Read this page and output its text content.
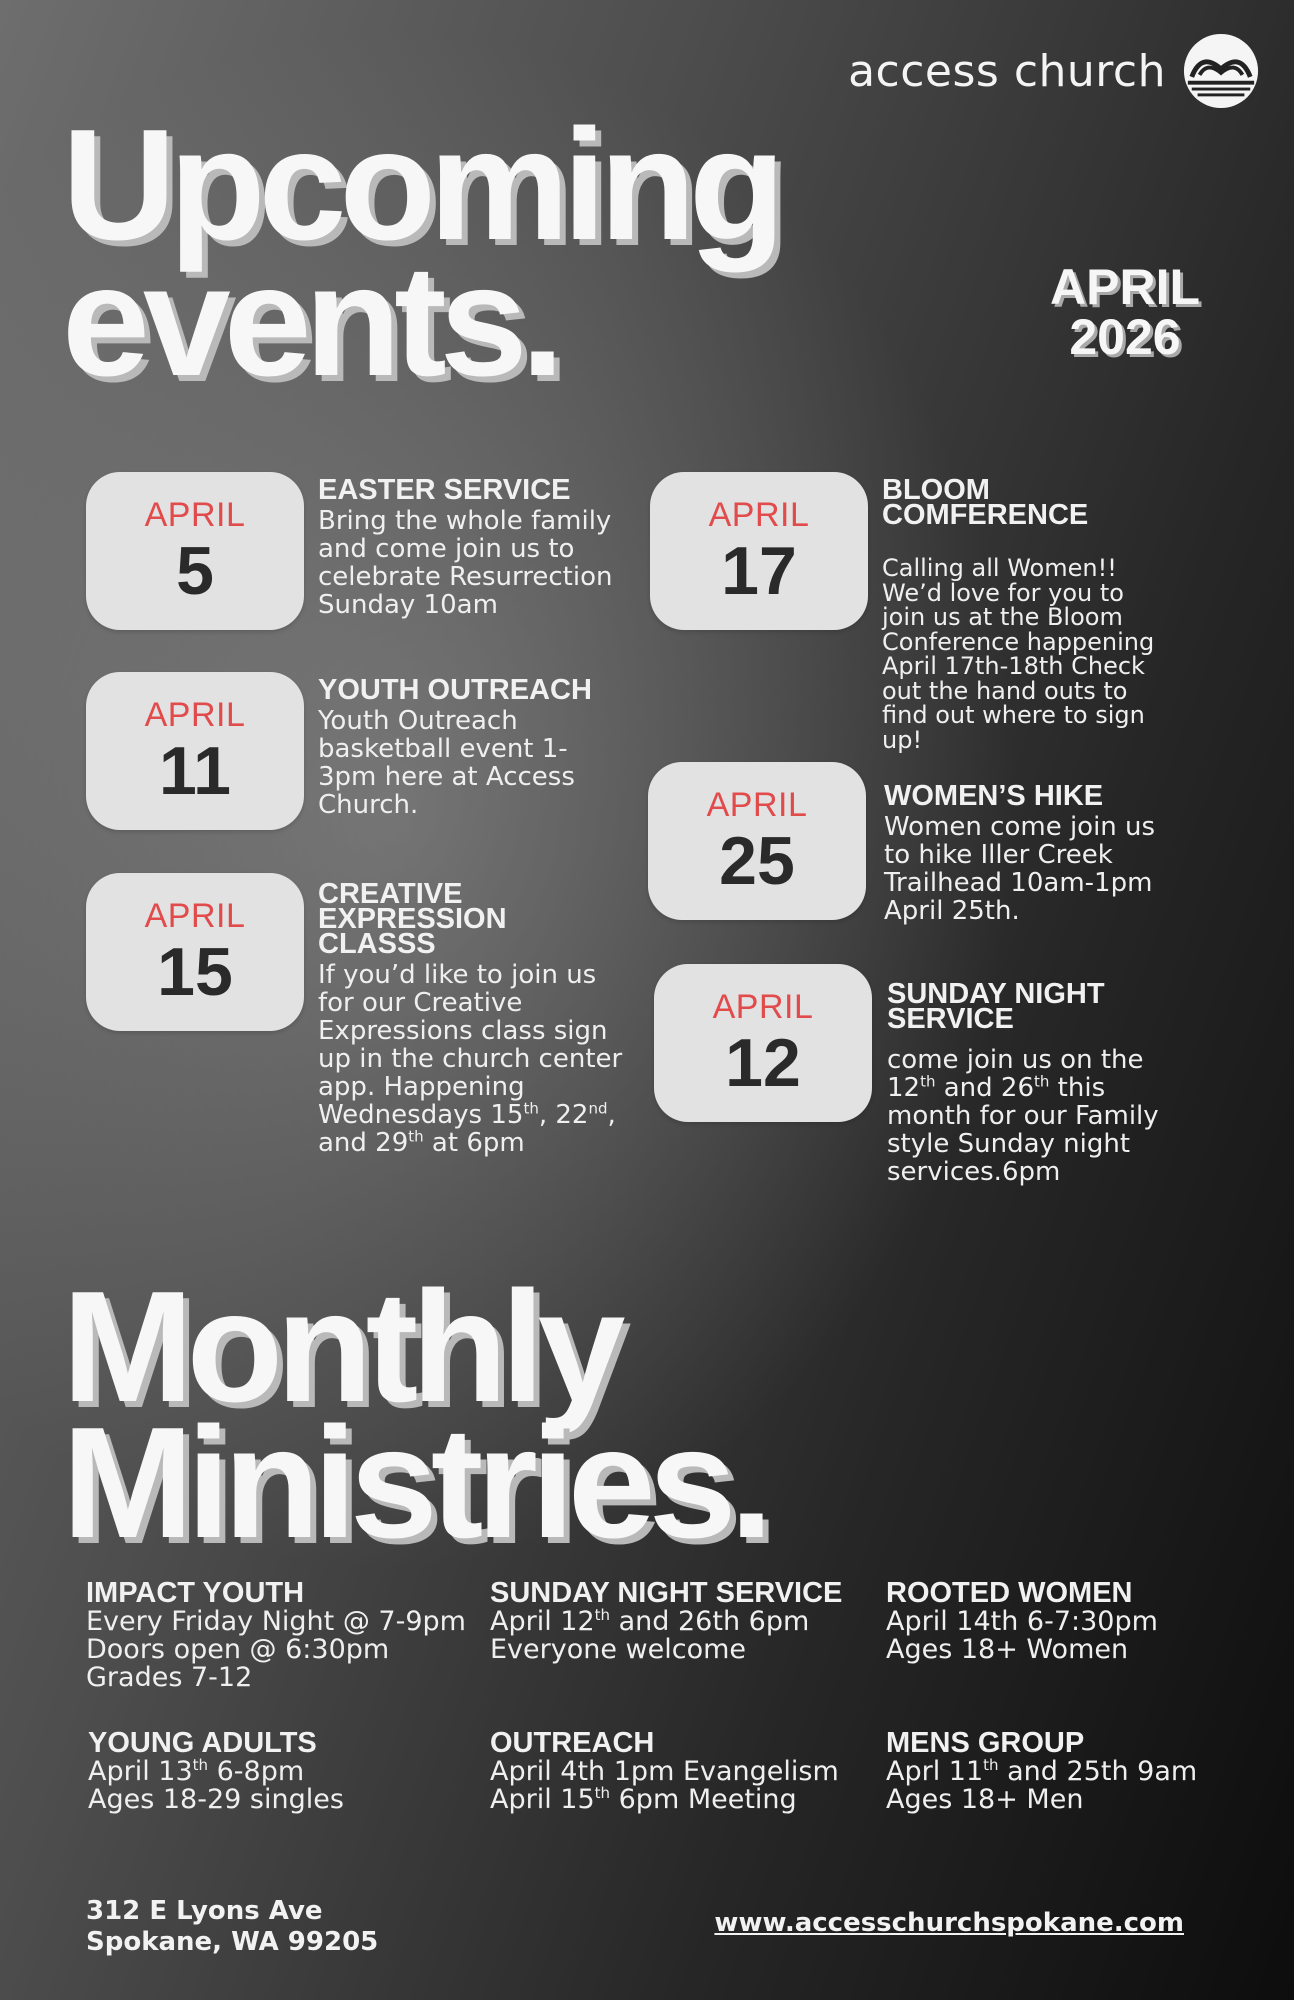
access church
Upcoming
events.	APRIL
2026
APRIL
5
EASTER SERVICE
Bring the whole family and come join us to celebrate Resurrection Sunday 10am
APRIL
11
YOUTH OUTREACH
Youth Outreach basketball event 1-3pm here at Access Church.
APRIL
15
CREATIVE EXPRESSION CLASSS
If you’d like to join us for our Creative Expressions class sign up in the church center app. Happening Wednesdays 15th, 22nd, and 29th at 6pm
APRIL
17
BLOOM COMFERENCE
Calling all Women!! We’d love for you to join us at the Bloom Conference happening April 17th-18th Check out the hand outs to find out where to sign up!
APRIL
25
WOMEN’S HIKE
Women come join us to hike Iller Creek Trailhead 10am-1pm April 25th.
APRIL
12
SUNDAY NIGHT SERVICE
come join us on the 12th and 26th this month for our Family style Sunday night services.6pm
Monthly
Ministries.
IMPACT YOUTH
Every Friday Night @ 7-9pm
Doors open @ 6:30pm
Grades 7-12
SUNDAY NIGHT SERVICE
April 12th and 26th 6pm
Everyone welcome
ROOTED WOMEN
April 14th 6-7:30pm
Ages 18+ Women
YOUNG ADULTS
April 13th 6-8pm
Ages 18-29 singles
OUTREACH
April 4th 1pm Evangelism
April 15th 6pm Meeting
MENS GROUP
Aprl 11th and 25th 9am
Ages 18+ Men
312 E Lyons Ave
Spokane, WA 99205
www.accesschurchspokane.com
